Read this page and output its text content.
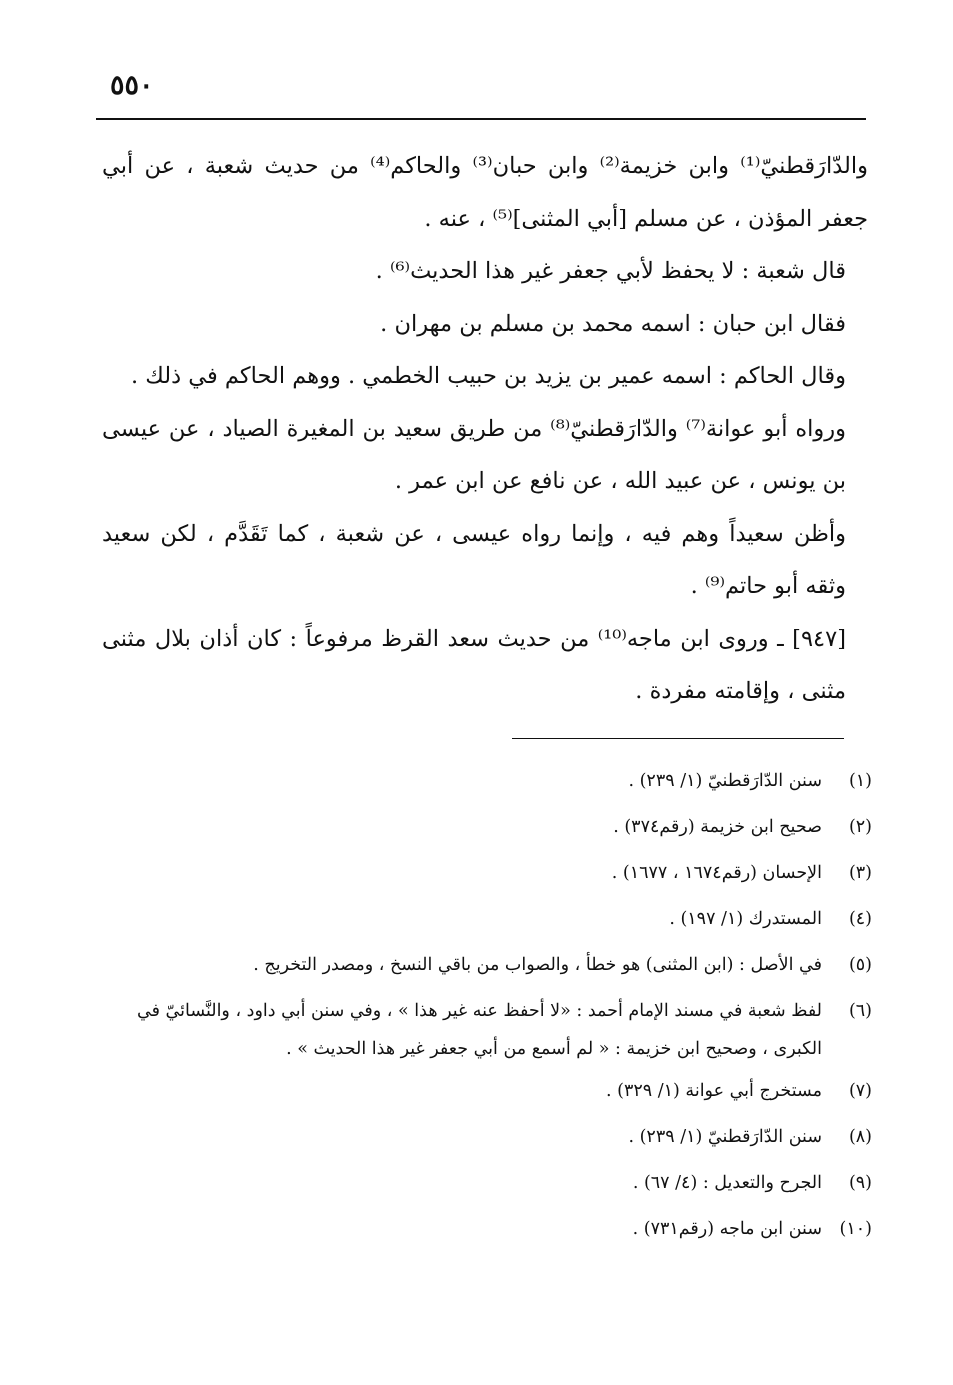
٥٥٠

والدّارَقطنيّ⁽¹⁾ وابن خزيمة⁽²⁾ وابن حبان⁽³⁾ والحاكم⁽⁴⁾ من حديث شعبة ، عن أبي جعفر المؤذن ، عن مسلم [أبي المثنى]⁽⁵⁾ ، عنه .

قال شعبة : لا يحفظ لأبي جعفر غير هذا الحديث⁽⁶⁾ .

فقال ابن حبان : اسمه محمد بن مسلم بن مهران .

وقال الحاكم : اسمه عمير بن يزيد بن حبيب الخطمي . ووهم الحاكم في ذلك .

ورواه أبو عوانة⁽⁷⁾ والدّارَقطنيّ⁽⁸⁾ من طريق سعيد بن المغيرة الصياد ، عن عيسى بن يونس ، عن عبيد الله ، عن نافع عن ابن عمر .

وأظن سعيداً وهم فيه ، وإنما رواه عيسى ، عن شعبة ، كما تَقَدَّم ، لكن سعيد وثقه أبو حاتم⁽⁹⁾ .

[٩٤٧] ـ وروى ابن ماجه⁽¹⁰⁾ من حديث سعد القرظ مرفوعاً : كان أذان بلال مثنى مثنى ، وإقامته مفردة .

(١)
سنن الدّارَقطنيّ (١/ ٢٣٩) .
(٢)
صحيح ابن خزيمة (رقم٣٧٤) .
(٣)
الإحسان (رقم١٦٧٤ ، ١٦٧٧) .
(٤)
المستدرك (١/ ١٩٧) .
(٥)
في الأصل : (ابن المثنى) هو خطأ ، والصواب من باقي النسخ ، ومصدر التخريج .
(٦)
لفظ شعبة في مسند الإمام أحمد : «لا أحفظ عنه غير هذا » ، وفي سنن أبي داود ، والنَّسائيّ في الكبرى ، وصحيح ابن خزيمة : « لم أسمع من أبي جعفر غير هذا الحديث » .
(٧)
مستخرج أبي عوانة (١/ ٣٢٩) .
(٨)
سنن الدّارَقطنيّ (١/ ٢٣٩) .
(٩)
الجرح والتعديل : (٤/ ٦٧) .
(١٠)
سنن ابن ماجه (رقم٧٣١) .
